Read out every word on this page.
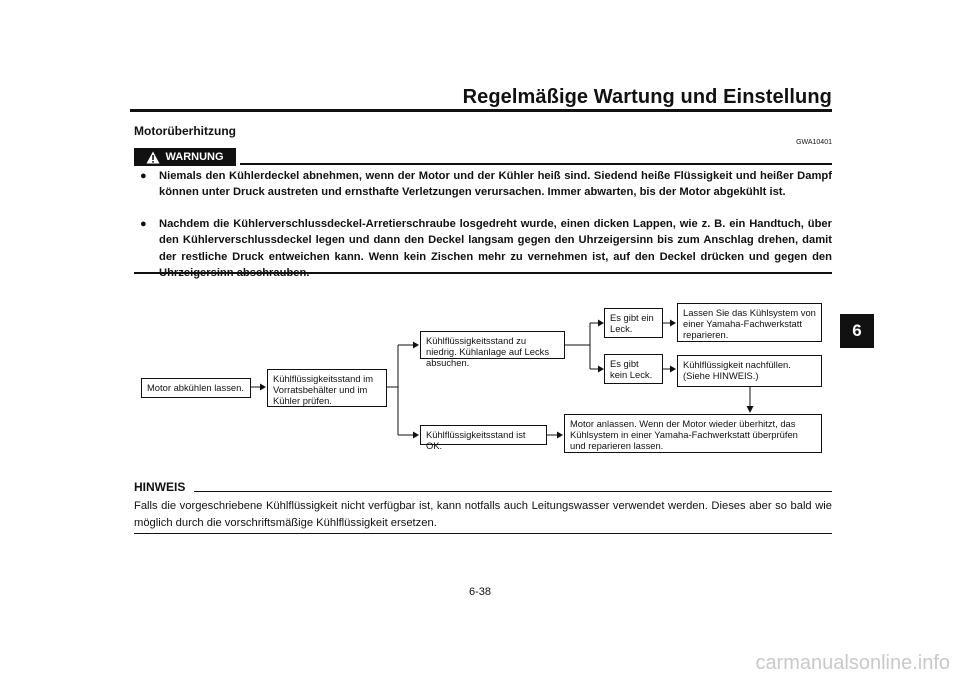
Regelmäßige Wartung und Einstellung
Motorüberhitzung
GWA10401
WARNUNG
● Niemals den Kühlerdeckel abnehmen, wenn der Motor und der Kühler heiß sind. Siedend heiße Flüssigkeit und heißer Dampf können unter Druck austreten und ernsthafte Verletzungen verursachen. Immer abwarten, bis der Motor abgekühlt ist.
● Nachdem die Kühlerverschlussdeckel-Arretierschraube losgedreht wurde, einen dicken Lappen, wie z. B. ein Handtuch, über den Kühlerverschlussdeckel legen und dann den Deckel langsam gegen den Uhrzeigersinn bis zum Anschlag drehen, damit der restliche Druck entweichen kann. Wenn kein Zischen mehr zu vernehmen ist, auf den Deckel drücken und gegen den
Motor abkühlen lassen.
Kühlflüssigkeitsstand im Vorratsbehälter und im Kühler prüfen.
Kühlflüssigkeitsstand zu niedrig. Kühlanlage auf Lecks absuchen.
Kühlflüssigkeitsstand ist OK.
Es gibt ein Leck.
Es gibt kein Leck.
Lassen Sie das Kühlsystem von einer Yamaha-Fachwerkstatt reparieren.
Kühlflüssigkeit nachfüllen. (Siehe HINWEIS.)
Motor anlassen. Wenn der Motor wieder überhitzt, das Kühlsystem in einer Yamaha-Fachwerkstatt überprüfen und reparieren lassen.
HINWEIS
Falls die vorgeschriebene Kühlflüssigkeit nicht verfügbar ist, kann notfalls auch Leitungswasser verwendet werden. Dieses aber so bald wie möglich durch die vorschriftsmäßige Kühlflüssigkeit ersetzen.
6-38
6
carmanualsonline.info
